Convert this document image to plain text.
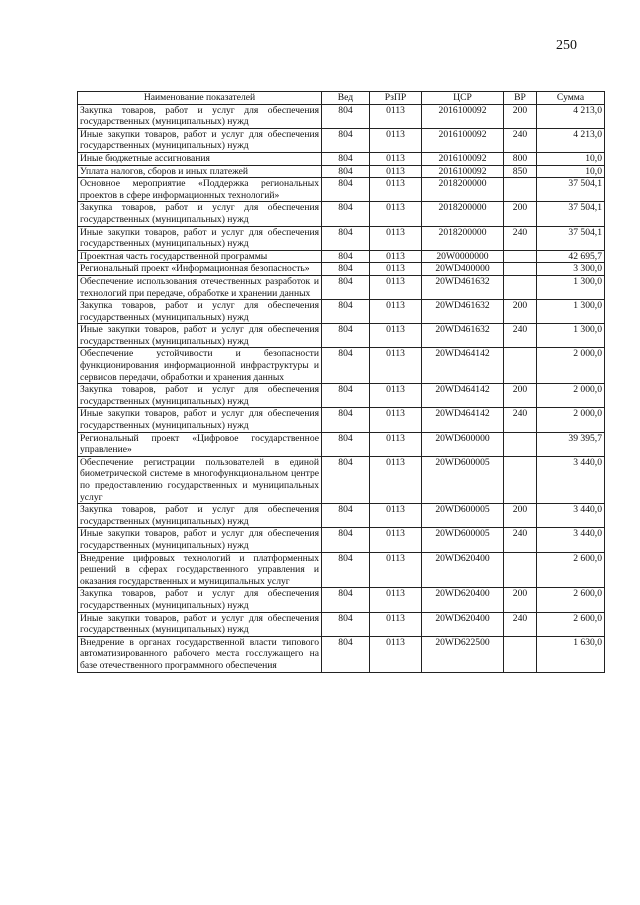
250
Наименование показателей	Вед	РзПР	ЦСР	ВР	Сумма
Закупка товаров, работ и услуг для обеспечения государственных (муниципальных) нужд	804	0113	2016100092	200	4 213,0
Иные закупки товаров, работ и услуг для обеспечения государственных (муниципальных) нужд	804	0113	2016100092	240	4 213,0
Иные бюджетные ассигнования	804	0113	2016100092	800	10,0
Уплата налогов, сборов и иных платежей	804	0113	2016100092	850	10,0
Основное мероприятие «Поддержка региональных проектов в сфере информационных технологий»	804	0113	2018200000		37 504,1
Закупка товаров, работ и услуг для обеспечения государственных (муниципальных) нужд	804	0113	2018200000	200	37 504,1
Иные закупки товаров, работ и услуг для обеспечения государственных (муниципальных) нужд	804	0113	2018200000	240	37 504,1
Проектная часть государственной программы	804	0113	20W0000000		42 695,7
Региональный проект «Информационная безопасность»	804	0113	20WD400000		3 300,0
Обеспечение использования отечественных разработок и технологий при передаче, обработке и хранении данных	804	0113	20WD461632		1 300,0
Закупка товаров, работ и услуг для обеспечения государственных (муниципальных) нужд	804	0113	20WD461632	200	1 300,0
Иные закупки товаров, работ и услуг для обеспечения государственных (муниципальных) нужд	804	0113	20WD461632	240	1 300,0
Обеспечение устойчивости и безопасности функционирования информационной инфраструктуры и сервисов передачи, обработки и хранения данных	804	0113	20WD464142		2 000,0
Закупка товаров, работ и услуг для обеспечения государственных (муниципальных) нужд	804	0113	20WD464142	200	2 000,0
Иные закупки товаров, работ и услуг для обеспечения государственных (муниципальных) нужд	804	0113	20WD464142	240	2 000,0
Региональный проект «Цифровое государственное управление»	804	0113	20WD600000		39 395,7
Обеспечение регистрации пользователей в единой биометрической системе в многофункциональном центре по предоставлению государственных и муниципальных услуг	804	0113	20WD600005		3 440,0
Закупка товаров, работ и услуг для обеспечения государственных (муниципальных) нужд	804	0113	20WD600005	200	3 440,0
Иные закупки товаров, работ и услуг для обеспечения государственных (муниципальных) нужд	804	0113	20WD600005	240	3 440,0
Внедрение цифровых технологий и платформенных решений в сферах государственного управления и оказания государственных и муниципальных услуг	804	0113	20WD620400		2 600,0
Закупка товаров, работ и услуг для обеспечения государственных (муниципальных) нужд	804	0113	20WD620400	200	2 600,0
Иные закупки товаров, работ и услуг для обеспечения государственных (муниципальных) нужд	804	0113	20WD620400	240	2 600,0
Внедрение в органах государственной власти типового автоматизированного рабочего места госслужащего на базе отечественного программного обеспечения	804	0113	20WD622500		1 630,0
